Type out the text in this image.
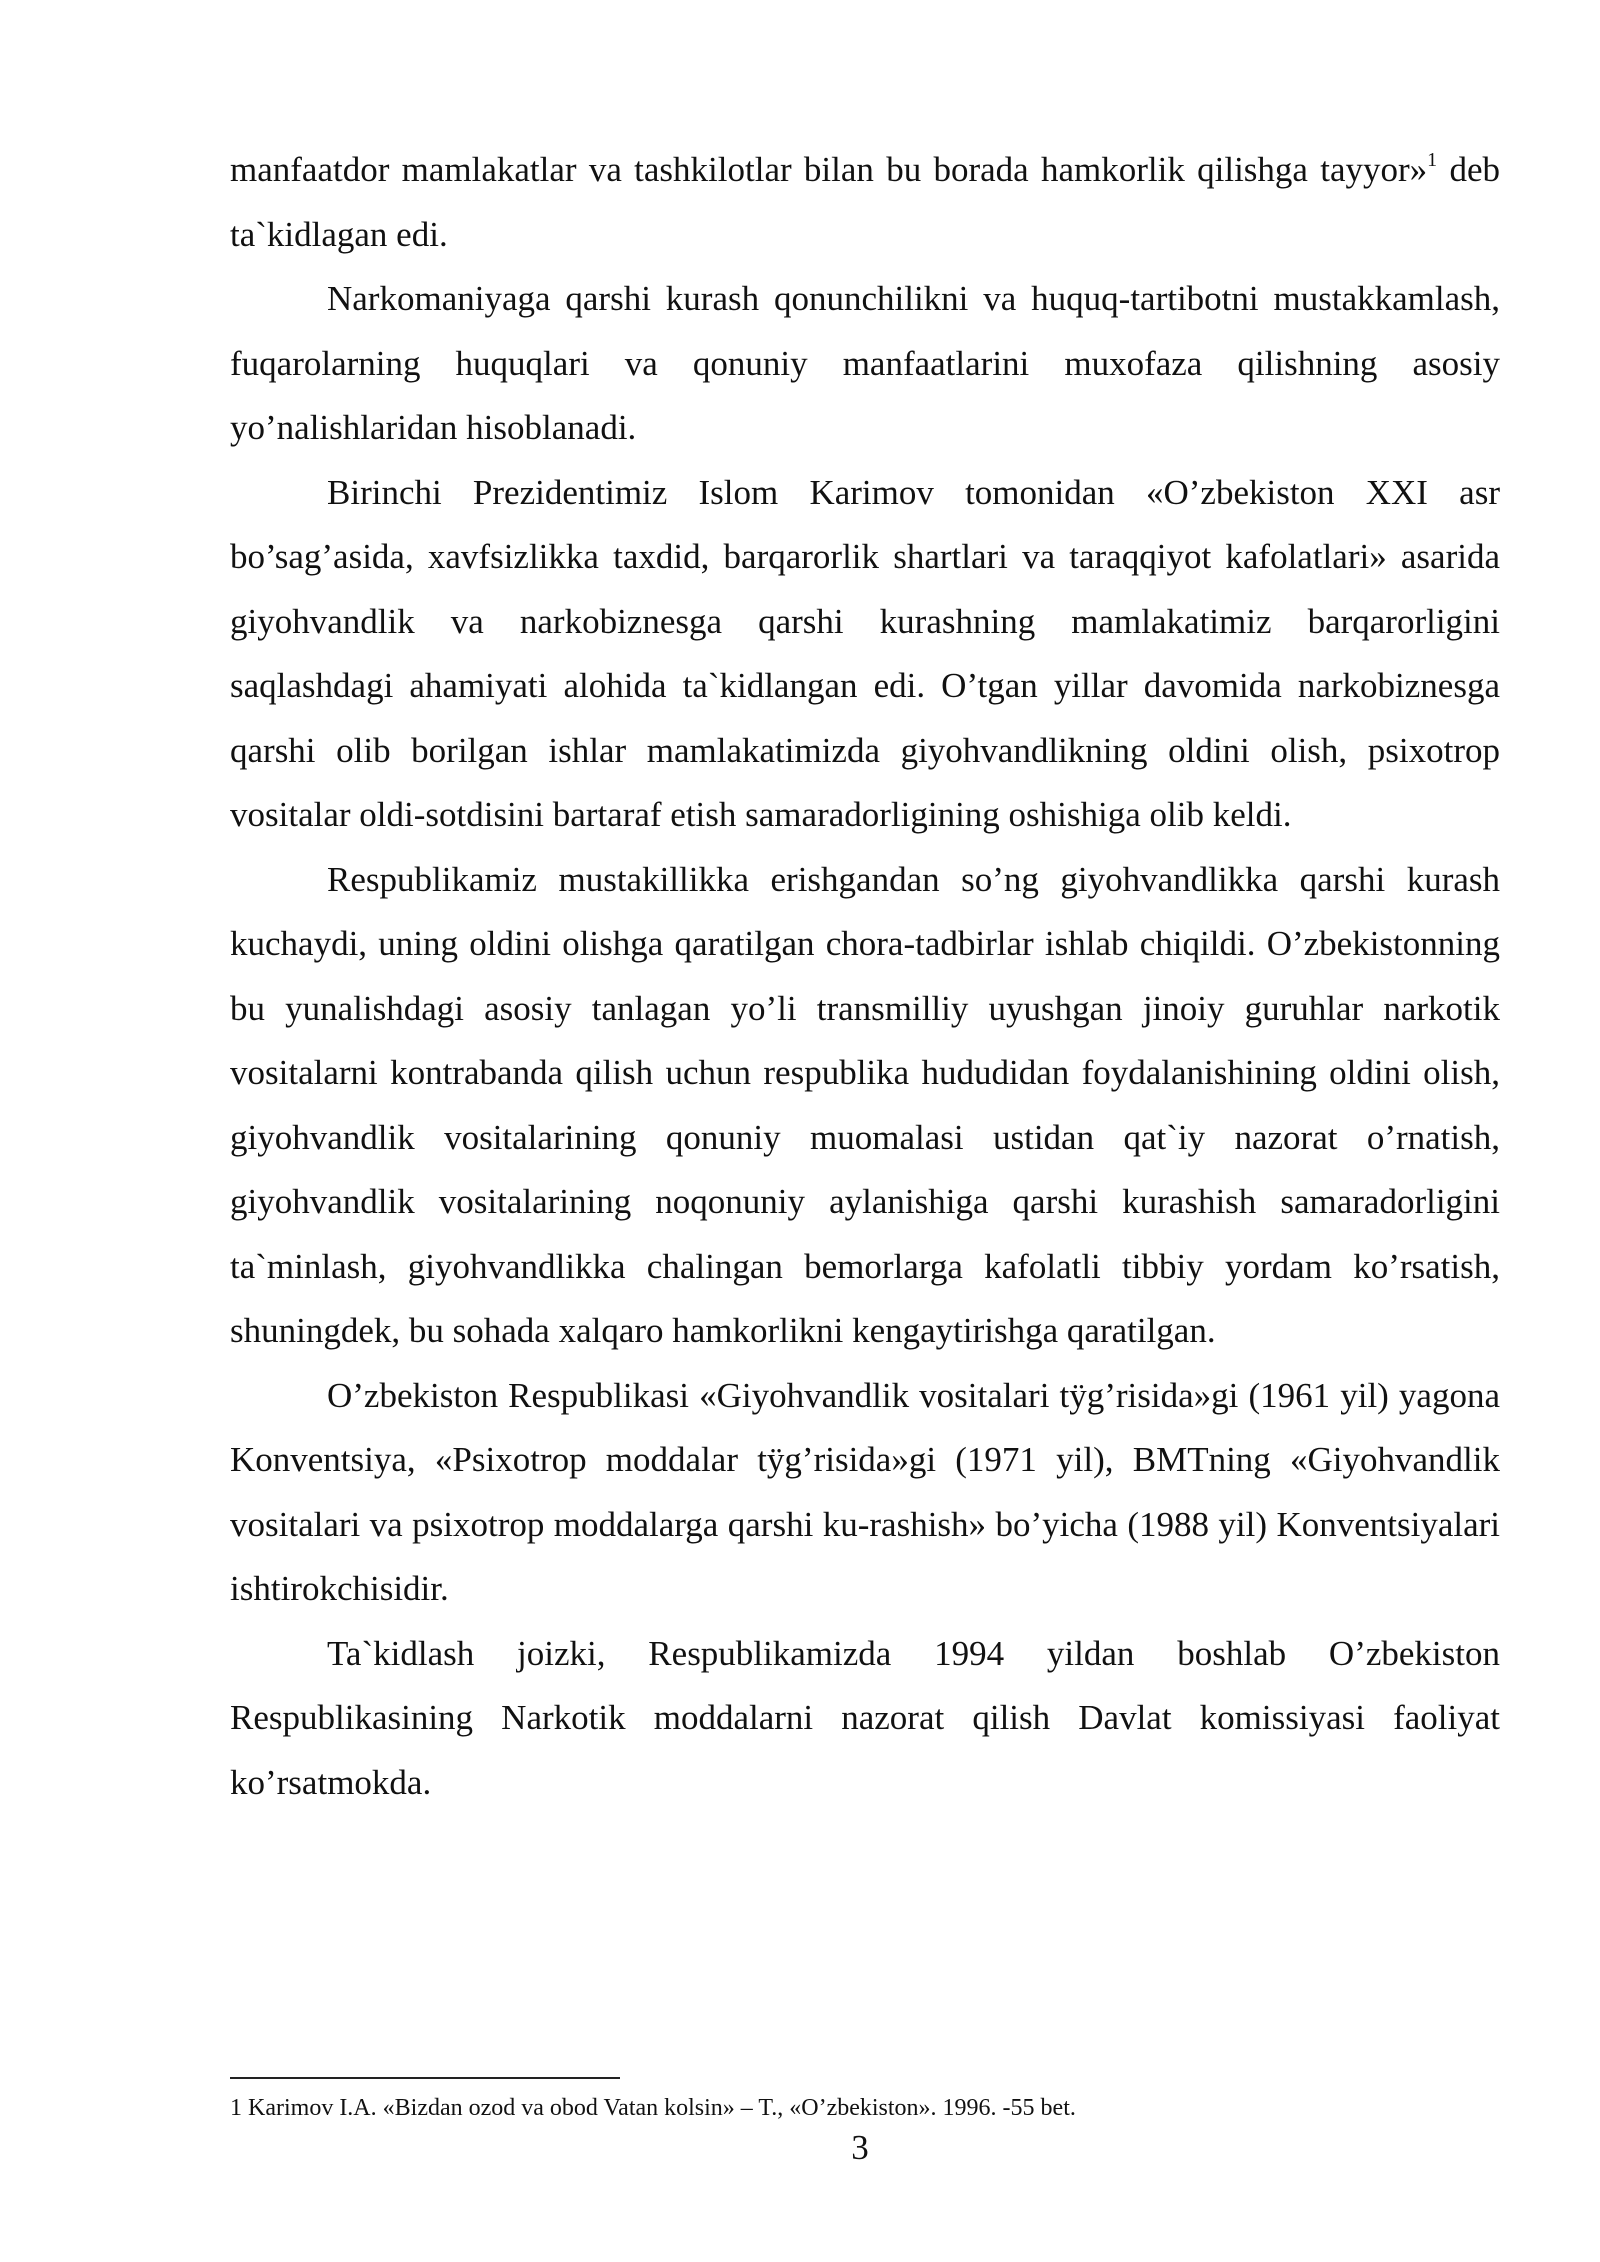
manfaatdor mamlakatlar va tashkilotlar bilan bu borada hamkorlik qilishga tayyor»$^1$ deb ta`kidlagan edi.

Narkomaniyaga qarshi kurash qonunchilikni va huquq-tartibotni mustakkamlash, fuqarolarning huquqlari va qonuniy manfaatlarini muxofaza qilishning asosiy yo’nalishlaridan hisoblanadi.

Birinchi Prezidentimiz Islom Karimov tomonidan «O’zbekiston XXI asr bo’sag’asida, xavfsizlikka taxdid, barqarorlik shartlari va taraqqiyot kafolatlari» asarida giyohvandlik va narkobiznesga qarshi kurashning mamlakatimiz barqarorligini saqlashdagi ahamiyati alohida ta`kidlangan edi. O’tgan yillar davomida narkobiznesga qarshi olib borilgan ishlar mamlakatimizda giyohvandlikning oldini olish, psixotrop vositalar oldi-sotdisini bartaraf etish samaradorligining oshishiga olib keldi.

Respublikamiz mustakillikka erishgandan so’ng giyohvandlikka qarshi kurash kuchaydi, uning oldini olishga qaratilgan chora-tadbirlar ishlab chiqildi. O’zbekistonning bu yunalishdagi asosiy tanlagan yo’li transmilliy uyushgan jinoiy guruhlar narkotik vositalarni kontrabanda qilish uchun respublika hududidan foydalanishining oldini olish, giyohvandlik vositalarining qonuniy muomalasi ustidan qat`iy nazorat o’rnatish, giyohvandlik vositalarining noqonuniy aylanishiga qarshi kurashish samaradorligini ta`minlash, giyohvandlikka chalingan bemorlarga kafolatli tibbiy yordam ko’rsatish, shuningdek, bu sohada xalqaro hamkorlikni kengaytirishga qaratilgan.

O’zbekiston Respublikasi «Giyohvandlik vositalari tÿg’risida»gi (1961 yil) yagona Konventsiya, «Psixotrop moddalar tÿg’risida»gi (1971 yil), BMTning «Giyohvandlik vositalari va psixotrop moddalarga qarshi ku-rashish» bo’yicha (1988 yil) Konventsiyalari ishtirokchisidir.

Ta`kidlash joizki, Respublikamizda 1994 yildan boshlab O’zbekiston Respublikasining Narkotik moddalarni nazorat qilish Davlat komissiyasi faoliyat ko’rsatmokda.

1 Karimov I.A. «Bizdan ozod va obod Vatan kolsin» – T., «O’zbekiston». 1996. -55 bet.
3
